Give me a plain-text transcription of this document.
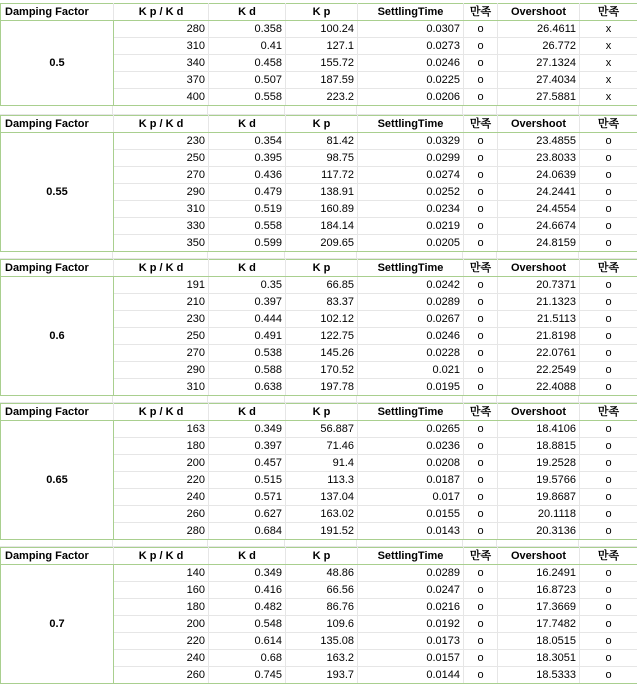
Damping Factor	K p / K d	K d	K p	SettlingTime	만족	Overshoot	만족
0.5	280	0.358	100.24	0.0307	o	26.4611	x
	310	0.41	127.1	0.0273	o	26.772	x
	340	0.458	155.72	0.0246	o	27.1324	x
	370	0.507	187.59	0.0225	o	27.4034	x
	400	0.558	223.2	0.0206	o	27.5881	x
Damping Factor	K p / K d	K d	K p	SettlingTime	만족	Overshoot	만족
0.55	230	0.354	81.42	0.0329	o	23.4855	o
	250	0.395	98.75	0.0299	o	23.8033	o
	270	0.436	117.72	0.0274	o	24.0639	o
	290	0.479	138.91	0.0252	o	24.2441	o
	310	0.519	160.89	0.0234	o	24.4554	o
	330	0.558	184.14	0.0219	o	24.6674	o
	350	0.599	209.65	0.0205	o	24.8159	o
Damping Factor	K p / K d	K d	K p	SettlingTime	만족	Overshoot	만족
0.6	191	0.35	66.85	0.0242	o	20.7371	o
	210	0.397	83.37	0.0289	o	21.1323	o
	230	0.444	102.12	0.0267	o	21.5113	o
	250	0.491	122.75	0.0246	o	21.8198	o
	270	0.538	145.26	0.0228	o	22.0761	o
	290	0.588	170.52	0.021	o	22.2549	o
	310	0.638	197.78	0.0195	o	22.4088	o
Damping Factor	K p / K d	K d	K p	SettlingTime	만족	Overshoot	만족
0.65	163	0.349	56.887	0.0265	o	18.4106	o
	180	0.397	71.46	0.0236	o	18.8815	o
	200	0.457	91.4	0.0208	o	19.2528	o
	220	0.515	113.3	0.0187	o	19.5766	o
	240	0.571	137.04	0.017	o	19.8687	o
	260	0.627	163.02	0.0155	o	20.1118	o
	280	0.684	191.52	0.0143	o	20.3136	o
Damping Factor	K p / K d	K d	K p	SettlingTime	만족	Overshoot	만족
0.7	140	0.349	48.86	0.0289	o	16.2491	o
	160	0.416	66.56	0.0247	o	16.8723	o
	180	0.482	86.76	0.0216	o	17.3669	o
	200	0.548	109.6	0.0192	o	17.7482	o
	220	0.614	135.08	0.0173	o	18.0515	o
	240	0.68	163.2	0.0157	o	18.3051	o
	260	0.745	193.7	0.0144	o	18.5333	o
